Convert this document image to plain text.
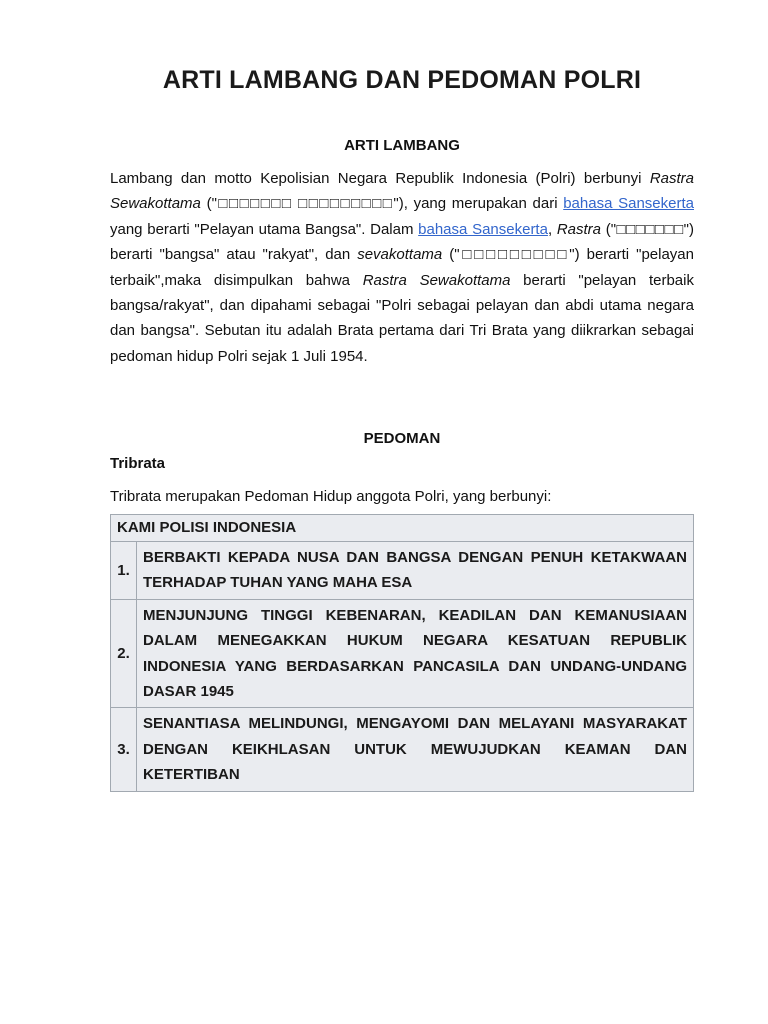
ARTI LAMBANG DAN PEDOMAN POLRI
ARTI LAMBANG

Lambang dan motto Kepolisian Negara Republik Indonesia (Polri) berbunyi Rastra Sewakottama ("□□□□□□□ □□□□□□□□□"), yang merupakan dari bahasa Sansekerta yang berarti "Pelayan utama Bangsa". Dalam bahasa Sansekerta, Rastra ("□□□□□□□") berarti "bangsa" atau "rakyat", dan sevakottama ("□□□□□□□□□") berarti "pelayan terbaik",maka disimpulkan bahwa Rastra Sewakottama berarti "pelayan terbaik bangsa/rakyat", dan dipahami sebagai "Polri sebagai pelayan dan abdi utama negara dan bangsa". Sebutan itu adalah Brata pertama dari Tri Brata yang diikrarkan sebagai pedoman hidup Polri sejak 1 Juli 1954.

PEDOMAN
Tribrata
Tribrata merupakan Pedoman Hidup anggota Polri, yang berbunyi:
KAMI POLISI INDONESIA	
1.	BERBAKTI KEPADA NUSA DAN BANGSA DENGAN PENUH KETAKWAAN TERHADAP TUHAN YANG MAHA ESA
2.	MENJUNJUNG TINGGI KEBENARAN, KEADILAN DAN KEMANUSIAAN DALAM MENEGAKKAN HUKUM NEGARA KESATUAN REPUBLIK INDONESIA YANG BERDASARKAN PANCASILA DAN UNDANG-UNDANG DASAR 1945
3.	SENANTIASA MELINDUNGI, MENGAYOMI DAN MELAYANI MASYARAKAT DENGAN KEIKHLASAN UNTUK MEWUJUDKAN KEAMAN DAN KETERTIBAN
